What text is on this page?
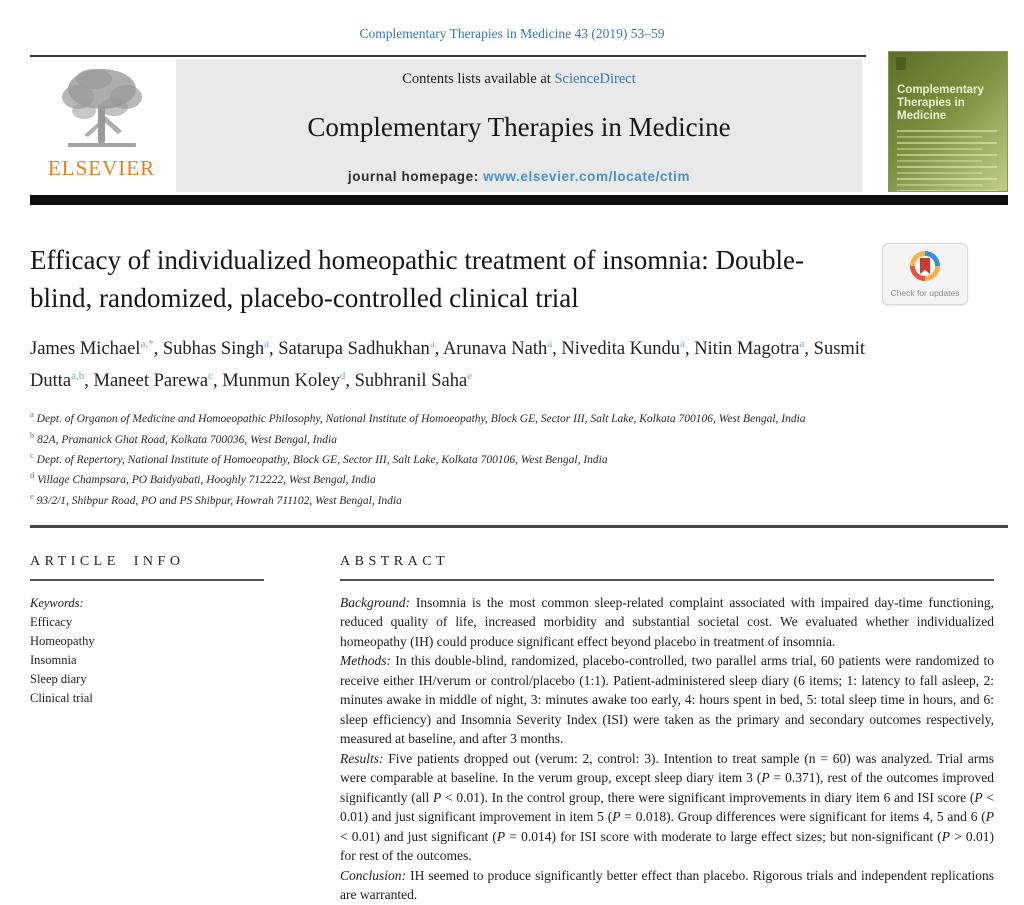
Complementary Therapies in Medicine 43 (2019) 53–59
ELSEVIER
Contents lists available at ScienceDirect
Complementary Therapies in Medicine
journal homepage: www.elsevier.com/locate/ctim
Complementary Therapies in Medicine
Efficacy of individualized homeopathic treatment of insomnia: Double-blind, randomized, placebo-controlled clinical trial	Check for updates
James Michael$^{a,*}$, Subhas Singh$^a$, Satarupa Sadhukhan$^a$, Arunava Nath$^a$, Nivedita Kundu$^a$, Nitin Magotra$^a$, Susmit Dutta$^{a,b}$, Maneet Parewa$^c$, Munmun Koley$^d$, Subhranil Saha$^e$
$^a$ Dept. of Organon of Medicine and Homoeopathic Philosophy, National Institute of Homoeopathy, Block GE, Sector III, Salt Lake, Kolkata 700106, West Bengal, India
$^b$ 82A, Pramanick Ghat Road, Kolkata 700036, West Bengal, India
$^c$ Dept. of Repertory, National Institute of Homoeopathy, Block GE, Sector III, Salt Lake, Kolkata 700106, West Bengal, India
$^d$ Village Champsara, PO Baidyabati, Hooghly 712222, West Bengal, India
$^e$ 93/2/1, Shibpur Road, PO and PS Shibpur, Howrah 711102, West Bengal, India
ARTICLE INFO
Keywords:
Efficacy
Homeopathy
Insomnia
Sleep diary
Clinical trial
ABSTRACT

Background: Insomnia is the most common sleep-related complaint associated with impaired day-time functioning, reduced quality of life, increased morbidity and substantial societal cost. We evaluated whether individualized homeopathy (IH) could produce significant effect beyond placebo in treatment of insomnia.

Methods: In this double-blind, randomized, placebo-controlled, two parallel arms trial, 60 patients were randomized to receive either IH/verum or control/placebo (1:1). Patient-administered sleep diary (6 items; 1: latency to fall asleep, 2: minutes awake in middle of night, 3: minutes awake too early, 4: hours spent in bed, 5: total sleep time in hours, and 6: sleep efficiency) and Insomnia Severity Index (ISI) were taken as the primary and secondary outcomes respectively, measured at baseline, and after 3 months.

Results: Five patients dropped out (verum: 2, control: 3). Intention to treat sample (n = 60) was analyzed. Trial arms were comparable at baseline. In the verum group, except sleep diary item 3 (P = 0.371), rest of the outcomes improved significantly (all P < 0.01). In the control group, there were significant improvements in diary item 6 and ISI score (P < 0.01) and just significant improvement in item 5 (P = 0.018). Group differences were significant for items 4, 5 and 6 (P < 0.01) and just significant (P = 0.014) for ISI score with moderate to large effect sizes; but non-significant (P > 0.01) for rest of the outcomes.

Conclusion: IH seemed to produce significantly better effect than placebo. Rigorous trials and independent replications are warranted.
